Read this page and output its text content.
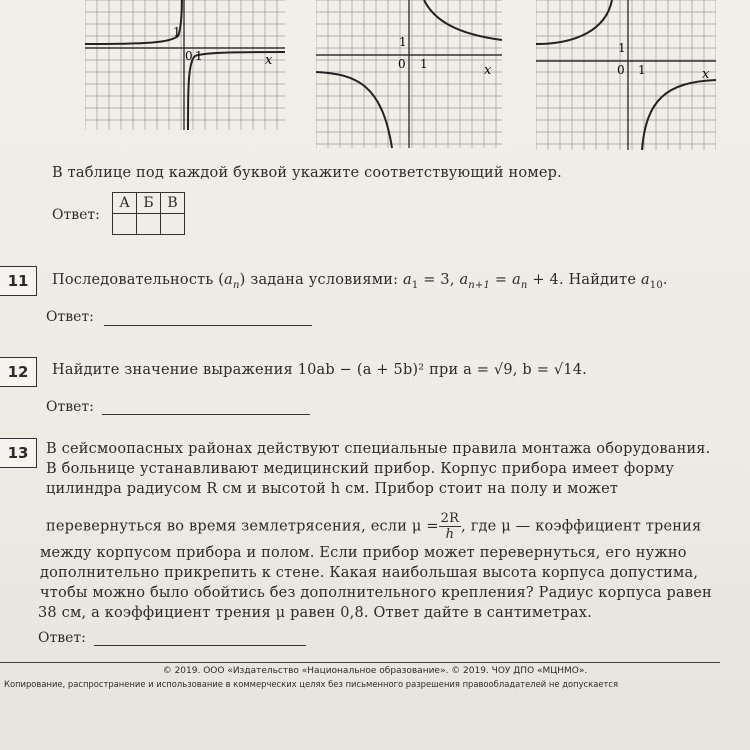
1
0 1	x
1
0 1	x
1
0 1	x
В таблице под каждой буквой укажите соответствующий номер.
Ответ:
А	Б	В

11	Последовательность $(a_n)$ задана условиями: $a_1 = 3$, $a_{n+1} = a_n + 4$. Найдите $a_{10}$.
Ответ:
12	Найдите значение выражения 10ab − (a + 5b)² при a = √9, b = √14.
Ответ:
13	В сейсмоопасных районах действуют специальные правила монтажа оборудования.
В больнице устанавливают медицинский прибор. Корпус прибора имеет форму
цилиндра радиусом R см и высотой h см. Прибор стоит на полу и может
перевернуться во время землетрясения, если $\mu = \frac{2R}{h}$ , где μ — коэффициент трения
между корпусом прибора и полом. Если прибор может перевернуться, его нужно
дополнительно прикрепить к стене. Какая наибольшая высота корпуса допустима,
чтобы можно было обойтись без дополнительного крепления? Радиус корпуса равен
38 см, а коэффициент трения μ равен 0,8. Ответ дайте в сантиметрах.
Ответ:
© 2019. ООО «Издательство «Национальное образование». © 2019. ЧОУ ДПО «МЦНМО».
Копирование, распространение и использование в коммерческих целях без письменного разрешения правообладателей не допускается
